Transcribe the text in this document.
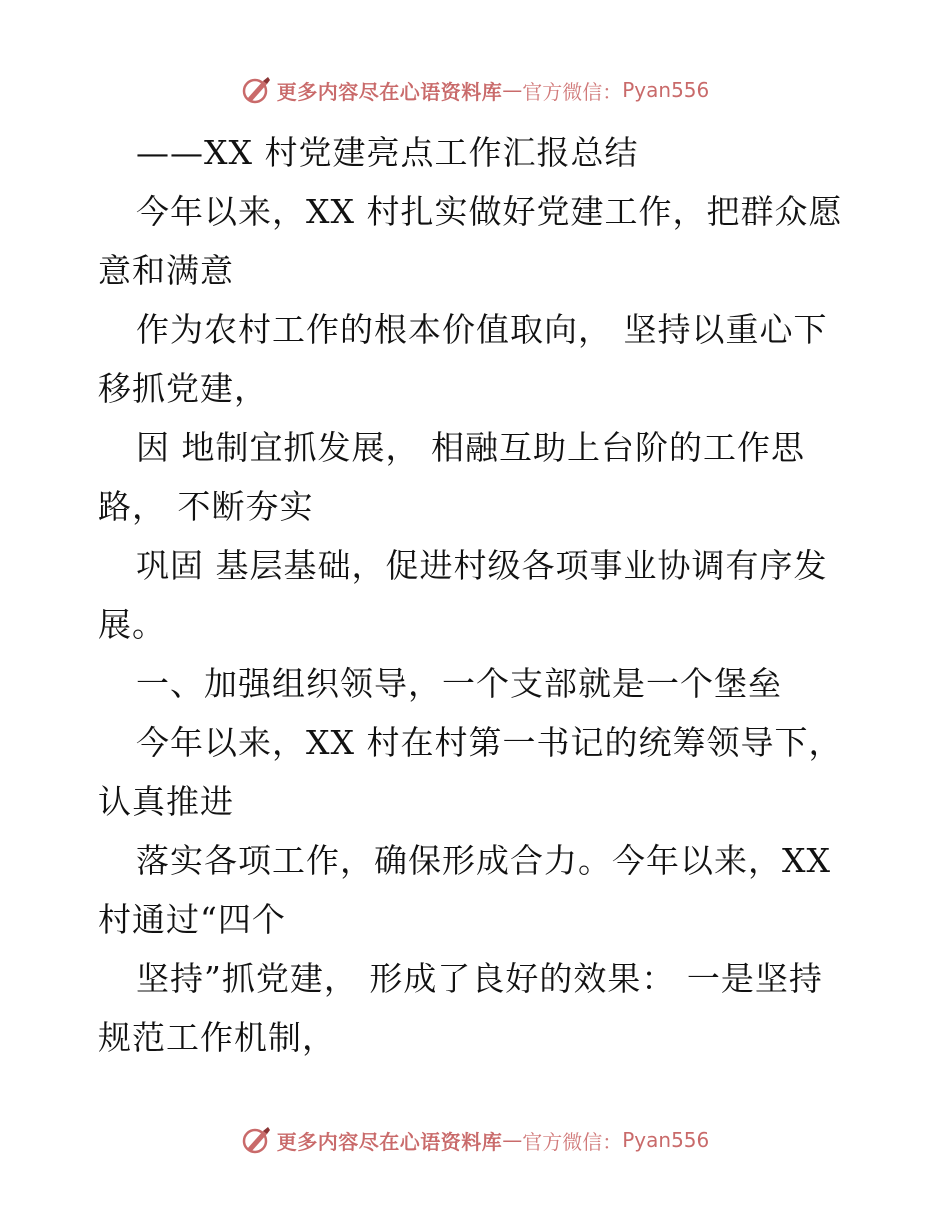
更多内容尽在心语资料库 — 官方微信： Pyan556
——XX 村党建亮点工作汇报总结
今年以来，XX 村扎实做好党建工作，把群众愿
意和满意
作为农村工作的根本价值取向， 坚持以重心下
移抓党建，
因 地制宜抓发展， 相融互助上台阶的工作思
路， 不断夯实
巩固 基层基础，促进村级各项事业协调有序发
展。
一、加强组织领导，一个支部就是一个堡垒
今年以来，XX 村在村第一书记的统筹领导下，
认真推进
落实各项工作，确保形成合力。今年以来，XX
村通过“四个
坚持”抓党建， 形成了良好的效果： 一是坚持
规范工作机制，
更多内容尽在心语资料库 — 官方微信： Pyan556
